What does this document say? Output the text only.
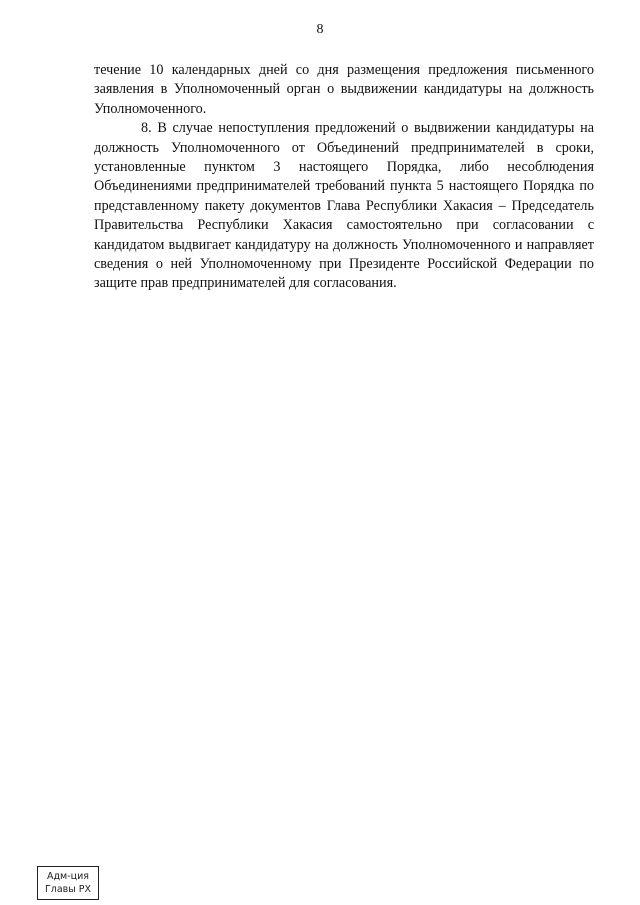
8
течение 10 календарных дней со дня размещения предложения письменного
заявления в Уполномоченный орган о выдвижении кандидатуры на должность
Уполномоченного.
8. В случае непоступления предложений о выдвижении кандидатуры на
должность Уполномоченного от Объединений предпринимателей в сроки,
установленные пунктом 3 настоящего Порядка, либо несоблюдения
Объединениями предпринимателей требований пункта 5 настоящего Порядка по
представленному пакету документов Глава Республики Хакасия – Председатель
Правительства Республики Хакасия самостоятельно при согласовании с
кандидатом выдвигает кандидатуру на должность Уполномоченного и направляет
сведения о ней Уполномоченному при Президенте Российской Федерации по
защите прав предпринимателей для согласования.
Адм-ция
Главы РХ
